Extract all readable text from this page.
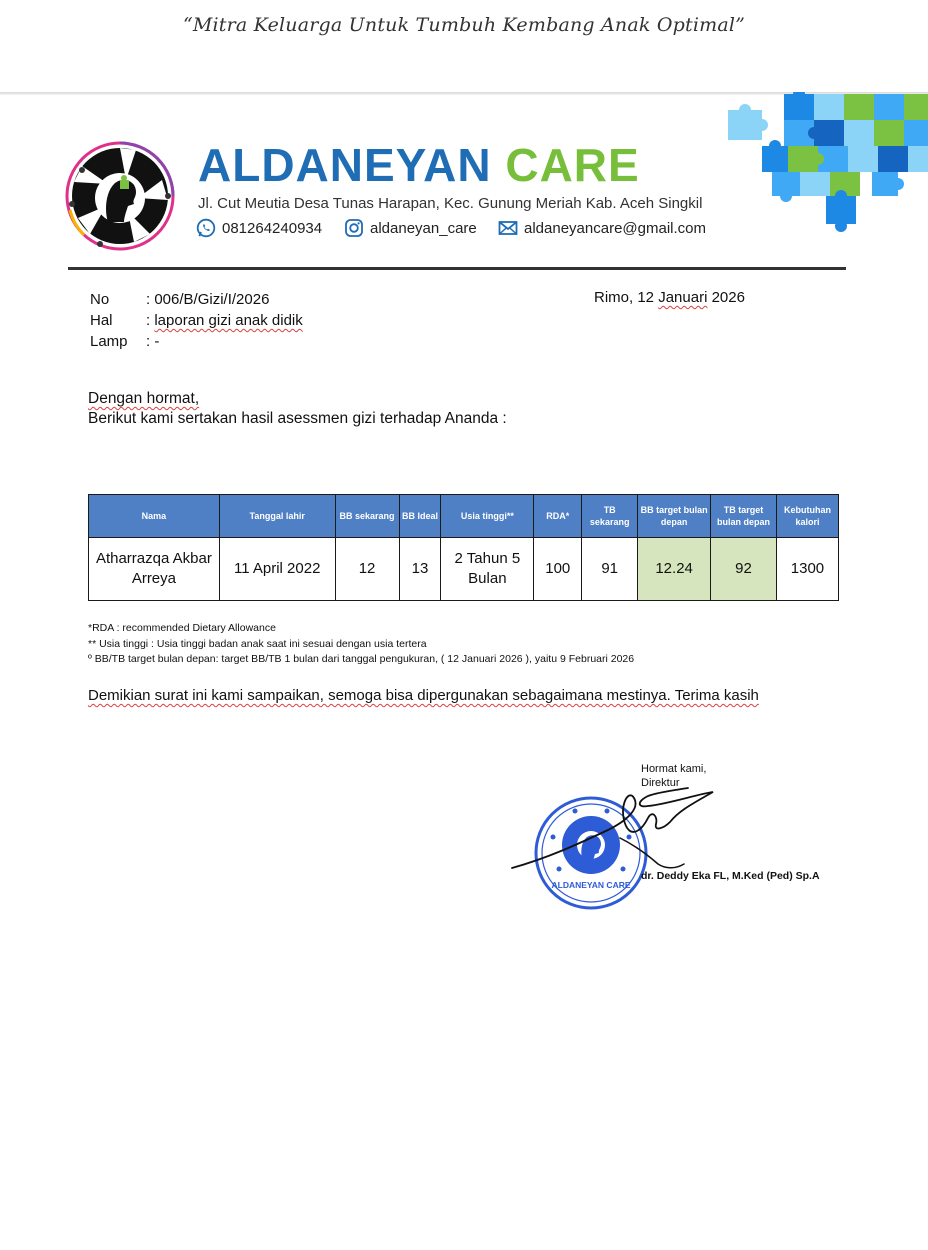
“Mitra Keluarga Untuk Tumbuh Kembang Anak Optimal”
ALDANEYAN CARE
Jl. Cut Meutia Desa Tunas Harapan, Kec. Gunung Meriah Kab. Aceh Singkil
081264240934	aldaneyan_care	aldaneyancare@gmail.com
No	: 006/B/Gizi/I/2026
Hal	: laporan gizi anak didik
Lamp	: -
Rimo, 12 Januari 2026
Dengan hormat,
Berikut kami sertakan hasil asessmen gizi terhadap Ananda :
Nama	Tanggal lahir	BB sekarang	BB Ideal	Usia tinggi**	RDA*	TB sekarang	BB target bulan depan	TB target bulan depan	Kebutuhan kalori
Atharrazqa Akbar Arreya	11 April 2022	12	13	2 Tahun 5 Bulan	100	91	12.24	92	1300
*RDA : recommended Dietary Allowance
** Usia tinggi : Usia tinggi badan anak saat ini sesuai dengan usia tertera
º BB/TB target bulan depan: target BB/TB 1 bulan dari tanggal pengukuran, ( 12 Januari 2026 ), yaitu 9 Februari 2026
Demikian surat ini kami sampaikan, semoga bisa dipergunakan sebagaimana mestinya. Terima kasih
Hormat kami,
Direktur
ALDANEYAN CARE
dr. Deddy Eka FL, M.Ked (Ped) Sp.A
